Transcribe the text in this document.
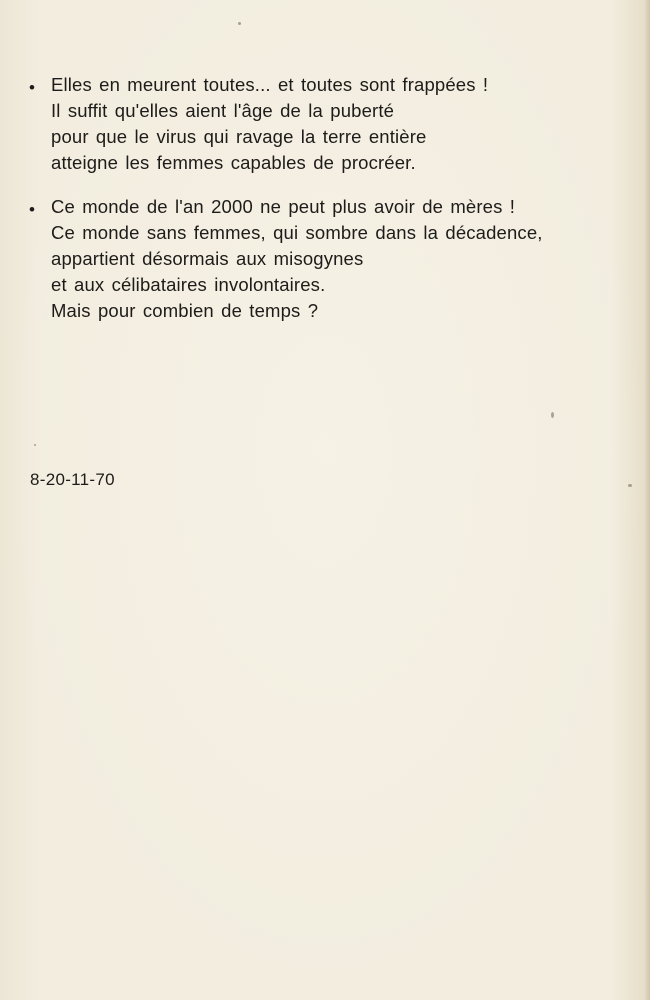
• Elles en meurent toutes... et toutes sont frappées !
Il suffit qu'elles aient l'âge de la puberté
pour que le virus qui ravage la terre entière
atteigne les femmes capables de procréer.
• Ce monde de l'an 2000 ne peut plus avoir de mères !
Ce monde sans femmes, qui sombre dans la décadence,
appartient désormais aux misogynes
et aux célibataires involontaires.
Mais pour combien de temps ?
8-20-11-70
